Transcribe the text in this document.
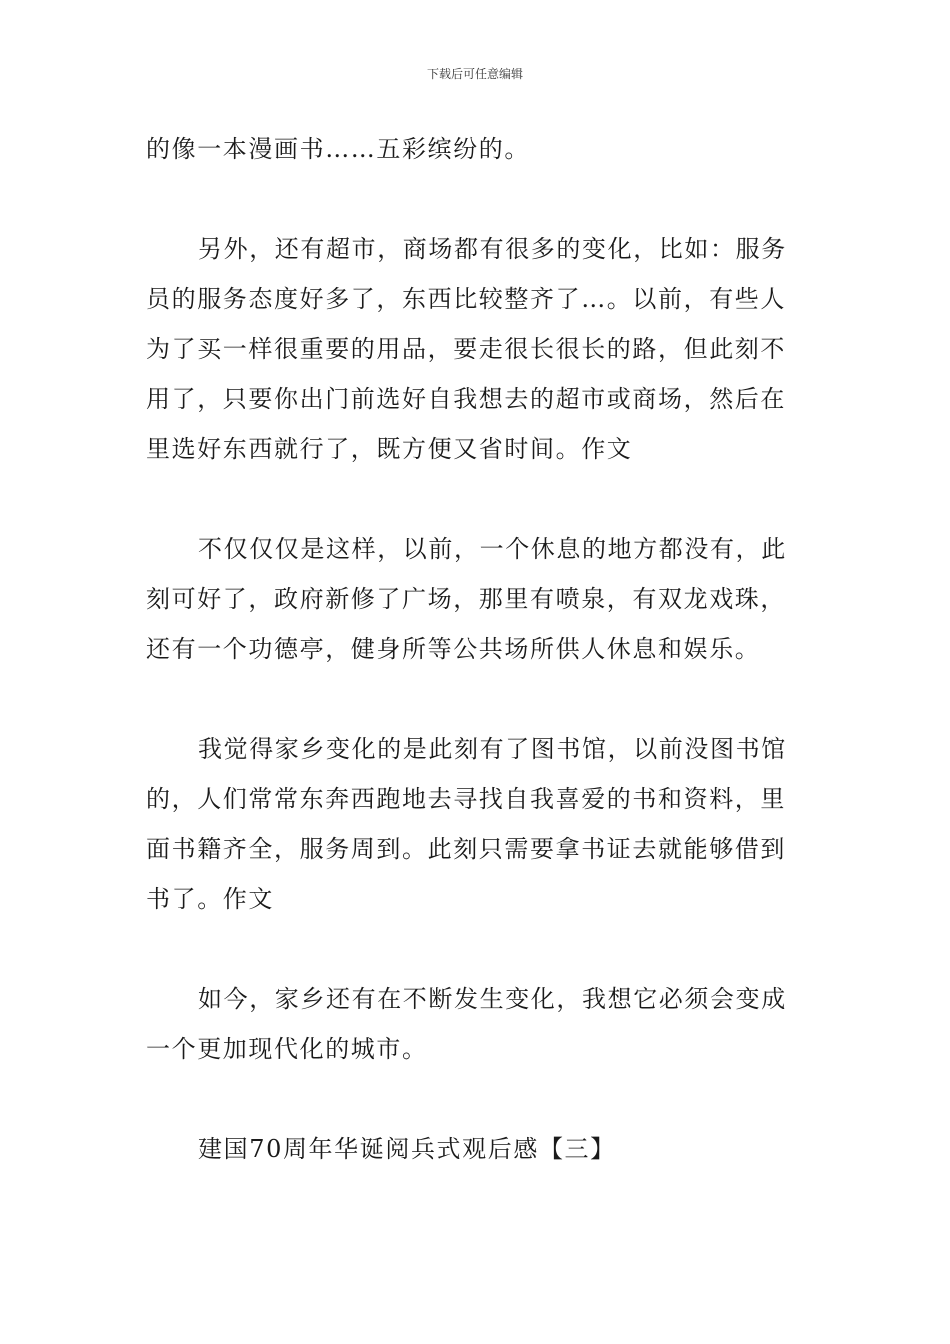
下载后可任意编辑

的像一本漫画书……五彩缤纷的。

另外，还有超市，商场都有很多的变化，比如：服务
员的服务态度好多了，东西比较整齐了…。以前，有些人
为了买一样很重要的用品，要走很长很长的路，但此刻不
用了，只要你出门前选好自我想去的超市或商场，然后在
里选好东西就行了，既方便又省时间。作文

不仅仅仅是这样，以前，一个休息的地方都没有，此
刻可好了，政府新修了广场，那里有喷泉，有双龙戏珠，
还有一个功德亭，健身所等公共场所供人休息和娱乐。

我觉得家乡变化的是此刻有了图书馆，以前没图书馆
的，人们常常东奔西跑地去寻找自我喜爱的书和资料，里
面书籍齐全，服务周到。此刻只需要拿书证去就能够借到
书了。作文

如今，家乡还有在不断发生变化，我想它必须会变成
一个更加现代化的城市。

建国70周年华诞阅兵式观后感【三】
